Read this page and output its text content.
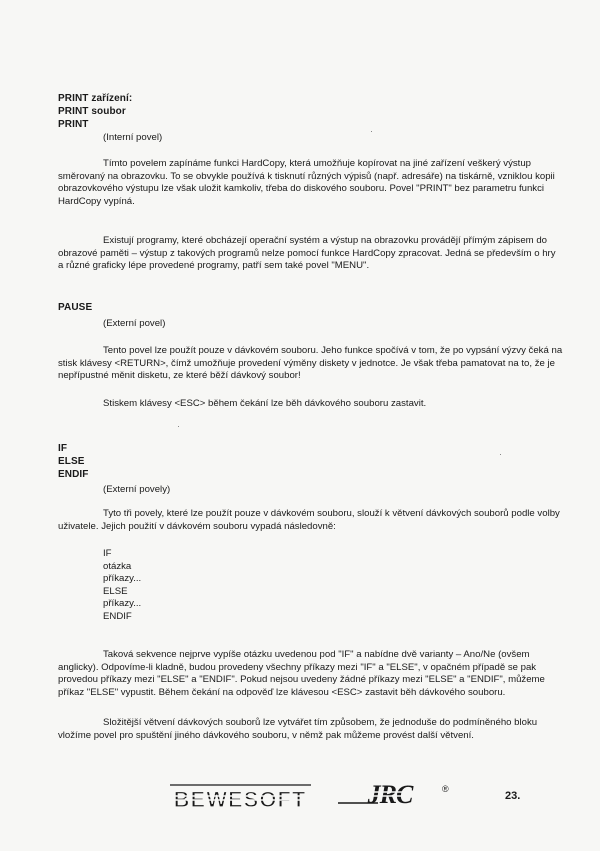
PRINT zařízení:
PRINT soubor
PRINT
(Interní povel)

Tímto povelem zapínáme funkci HardCopy, která umožňuje kopírovat na jiné zařízení veškerý výstup směrovaný na obrazovku. To se obvykle používá k tisknutí různých výpisů (např. adresáře) na tiskárně, vzniklou kopii obrazovkového výstupu lze však uložit kamkoliv, třeba do diskového souboru. Povel "PRINT" bez parametru funkci HardCopy vypíná.

Existují programy, které obcházejí operační systém a výstup na obrazovku provádějí přímým zápisem do obrazové paměti – výstup z takových programů nelze pomocí funkce HardCopy zpracovat. Jedná se především o hry a různé graficky lépe provedené programy, patří sem také povel "MENU".

PAUSE
(Externí povel)

Tento povel lze použít pouze v dávkovém souboru. Jeho funkce spočívá v tom, že po vypsání výzvy čeká na stisk klávesy <RETURN>, čímž umožňuje provedení výměny diskety v jednotce. Je však třeba pamatovat na to, že je nepřípustné měnit disketu, ze které běží dávkový soubor!

Stiskem klávesy <ESC> během čekání lze běh dávkového souboru zastavit.

IF
ELSE
ENDIF
(Externí povely)

Tyto tři povely, které lze použít pouze v dávkovém souboru, slouží k větvení dávkových souborů podle volby uživatele. Jejich použití v dávkovém souboru vypadá následovně:

IF
otázka
příkazy...
ELSE
příkazy...
ENDIF

Taková sekvence nejprve vypíše otázku uvedenou pod "IF" a nabídne dvě varianty – Ano/Ne (ovšem anglicky). Odpovíme-li kladně, budou provedeny všechny příkazy mezi "IF" a "ELSE", v opačném případě se pak provedou příkazy mezi "ELSE" a "ENDIF". Pokud nejsou uvedeny žádné příkazy mezi "ELSE" a "ENDIF", můžeme příkaz "ELSE" vypustit. Během čekání na odpověď lze klávesou <ESC> zastavit běh dávkového souboru.

Složitější větvení dávkových souborů lze vytvářet tím způsobem, že jednoduše do podmíněného bloku vložíme povel pro spuštění jiného dávkového souboru, v němž pak můžeme provést další větvení.

BEWESOFT JRC	®
23.
